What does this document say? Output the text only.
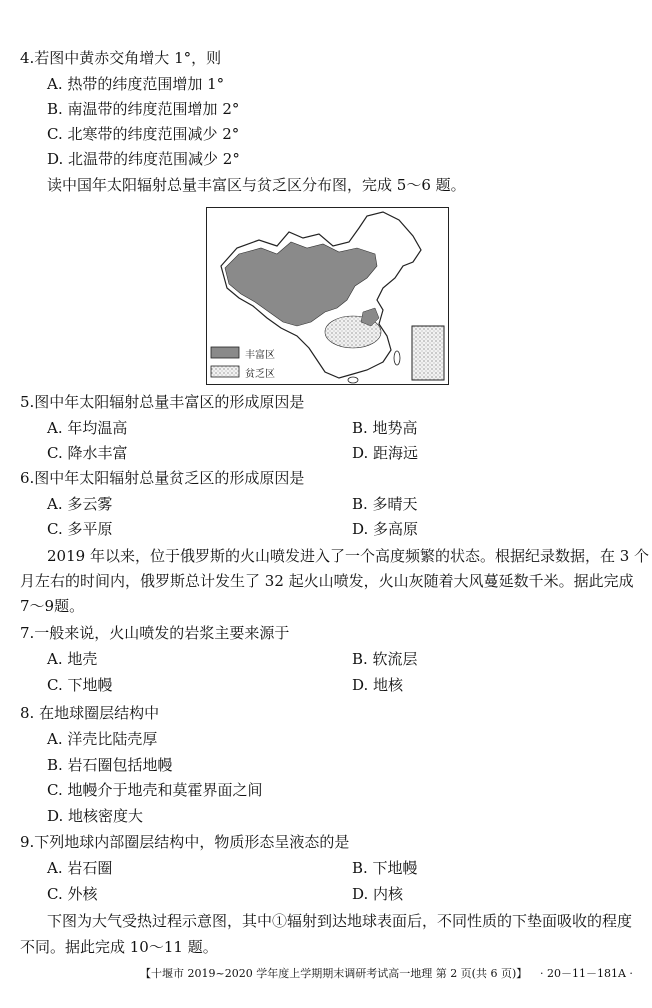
4.若图中黄赤交角增大 1°，则
A. 热带的纬度范围增加 1°
B. 南温带的纬度范围增加 2°
C. 北寒带的纬度范围减少 2°
D. 北温带的纬度范围减少 2°
读中国年太阳辐射总量丰富区与贫乏区分布图，完成 5～6 题。
丰富区
贫乏区
5.图中年太阳辐射总量丰富区的形成原因是
A. 年均温高	B. 地势高
C. 降水丰富	D. 距海远
6.图中年太阳辐射总量贫乏区的形成原因是
A. 多云雾	B. 多晴天
C. 多平原	D. 多高原
2019 年以来，位于俄罗斯的火山喷发进入了一个高度频繁的状态。根据纪录数据，在 3 个
月左右的时间内，俄罗斯总计发生了 32 起火山喷发，火山灰随着大风蔓延数千米。据此完成
7～9题。
7.一般来说，火山喷发的岩浆主要来源于
A. 地壳	B. 软流层
C. 下地幔	D. 地核
8. 在地球圈层结构中
A. 洋壳比陆壳厚
B. 岩石圈包括地幔
C. 地幔介于地壳和莫霍界面之间
D. 地核密度大
9.下列地球内部圈层结构中，物质形态呈液态的是
A. 岩石圈	B. 下地幔
C. 外核	D. 内核
下图为大气受热过程示意图，其中①辐射到达地球表面后，不同性质的下垫面吸收的程度
不同。据此完成 10～11 题。
【十堰市 2019~2020 学年度上学期期末调研考试高一地理 第 2 页(共 6 页)】 · 20－11－181A ·
